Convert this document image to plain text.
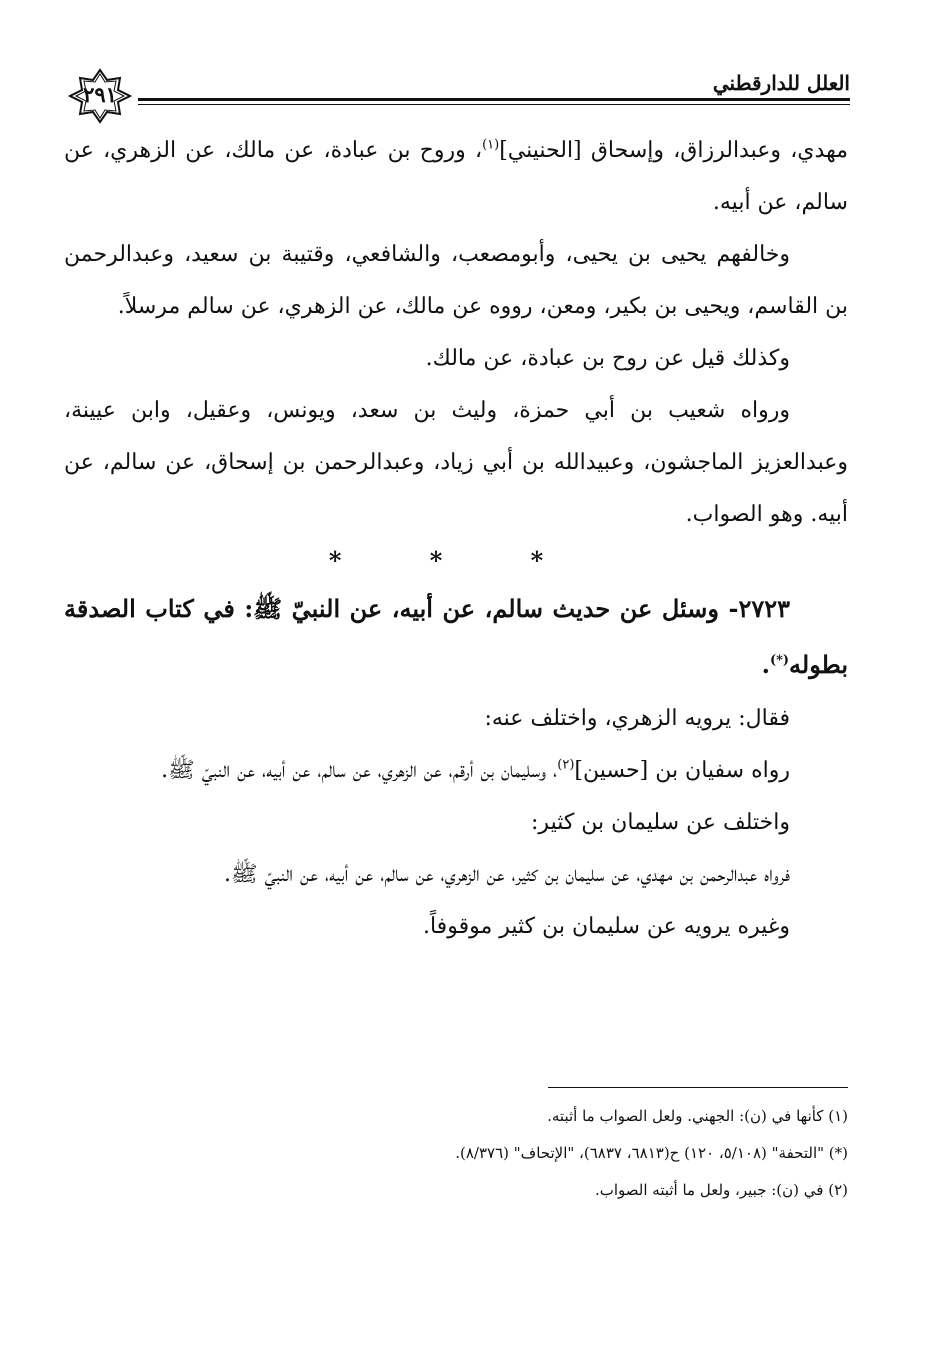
٢٩١	العلل للدارقطني

مهدي، وعبدالرزاق، وإسحاق [الحنيني]$^{(١)}$، وروح بن عبادة، عن مالك، عن الزهري، عن سالم، عن أبيه.

وخالفهم يحيى بن يحيى، وأبومصعب، والشافعي، وقتيبة بن سعيد، وعبدالرحمن بن القاسم، ويحيى بن بكير، ومعن، رووه عن مالك، عن الزهري، عن سالم مرسلاً.

وكذلك قيل عن روح بن عبادة، عن مالك.

ورواه شعيب بن أبي حمزة، وليث بن سعد، ويونس، وعقيل، وابن عيينة، وعبدالعزيز الماجشون، وعبيدالله بن أبي زياد، وعبدالرحمن بن إسحاق، عن سالم، عن أبيه. وهو الصواب.

* * *

٢٧٢٣- وسئل عن حديث سالم، عن أبيه، عن النبيّ ﷺ: في كتاب الصدقة بطوله(*).

فقال: يرويه الزهري، واختلف عنه:

رواه سفيان بن [حسين]$^{(٢)}$، وسليمان بن أرقم، عن الزهري، عن سالم، عن أبيه، عن النبيّ ﷺ.

واختلف عن سليمان بن كثير:

فرواه عبدالرحمن بن مهدي، عن سليمان بن كثير، عن الزهري، عن سالم، عن أبيه، عن النبيّ ﷺ.

وغيره يرويه عن سليمان بن كثير موقوفاً.

(١) كأنها في (ن): الجهني. ولعل الصواب ما أثبته.

(*) "التحفة" (٥/١٠٨، ١٢٠) ح(٦٨١٣، ٦٨٣٧)، "الإتحاف" (٨/٣٧٦).

(٢) في (ن): جبير، ولعل ما أثبته الصواب.
